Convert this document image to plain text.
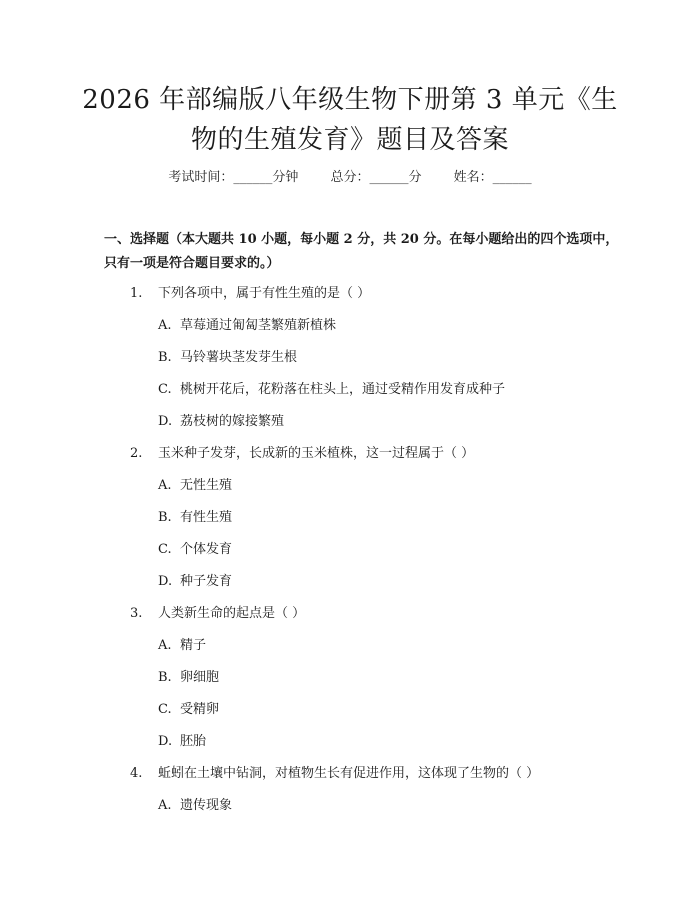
2026 年部编版八年级生物下册第 3 单元《生
物的生殖发育》题目及答案
考试时间：______分钟 总分：______分 姓名：______

一、选择题（本大题共 10 小题，每小题 2 分，共 20 分。在每小题给出的四个选项中，只有一项是符合题目要求的。）

1. 下列各项中，属于有性生殖的是（ ）
A. 草莓通过匍匐茎繁殖新植株
B. 马铃薯块茎发芽生根
C. 桃树开花后，花粉落在柱头上，通过受精作用发育成种子
D. 荔枝树的嫁接繁殖
2. 玉米种子发芽，长成新的玉米植株，这一过程属于（ ）
A. 无性生殖
B. 有性生殖
C. 个体发育
D. 种子发育
3. 人类新生命的起点是（ ）
A. 精子
B. 卵细胞
C. 受精卵
D. 胚胎
4. 蚯蚓在土壤中钻洞，对植物生长有促进作用，这体现了生物的（ ）
A. 遗传现象
